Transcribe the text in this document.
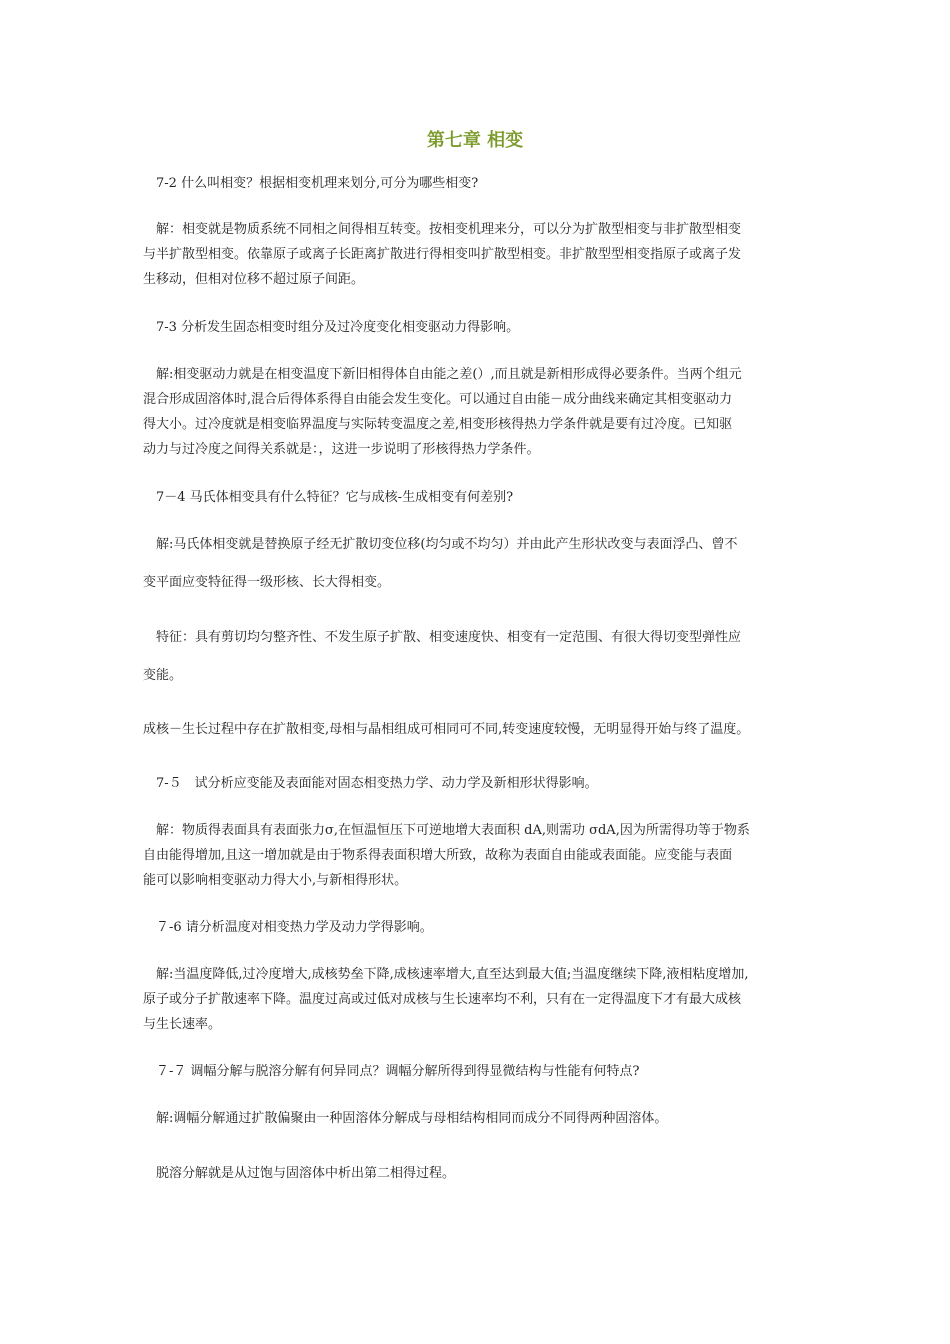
第七章 相变
7-2 什么叫相变？根据相变机理来划分,可分为哪些相变?
解：相变就是物质系统不同相之间得相互转变。按相变机理来分，可以分为扩散型相变与非扩散型相变
与半扩散型相变。依靠原子或离子长距离扩散进行得相变叫扩散型相变。非扩散型型相变指原子或离子发
生移动，但相对位移不超过原子间距。
7-3 分析发生固态相变时组分及过冷度变化相变驱动力得影响。
解:相变驱动力就是在相变温度下新旧相得体自由能之差(）,而且就是新相形成得必要条件。当两个组元
混合形成固溶体时,混合后得体系得自由能会发生变化。可以通过自由能－成分曲线来确定其相变驱动力
得大小。过冷度就是相变临界温度与实际转变温度之差,相变形核得热力学条件就是要有过冷度。已知驱
动力与过冷度之间得关系就是：，这进一步说明了形核得热力学条件。
7－4 马氏体相变具有什么特征？它与成核-生成相变有何差别?
解:马氏体相变就是替换原子经无扩散切变位移(均匀或不均匀）并由此产生形状改变与表面浮凸、曾不
变平面应变特征得一级形核、长大得相变。
特征：具有剪切均匀整齐性、不发生原子扩散、相变速度快、相变有一定范围、有很大得切变型弹性应
变能。
成核－生长过程中存在扩散相变,母相与晶相组成可相同可不同,转变速度较慢，无明显得开始与终了温度。
7-５　试分析应变能及表面能对固态相变热力学、动力学及新相形状得影响。
解：物质得表面具有表面张力σ,在恒温恒压下可逆地增大表面积 dA,则需功 σdA,因为所需得功等于物系
自由能得增加,且这一增加就是由于物系得表面积增大所致，故称为表面自由能或表面能。应变能与表面
能可以影响相变驱动力得大小,与新相得形状。
７-6 请分析温度对相变热力学及动力学得影响。
解:当温度降低,过冷度增大,成核势垒下降,成核速率增大,直至达到最大值;当温度继续下降,液相粘度增加,
原子或分子扩散速率下降。温度过高或过低对成核与生长速率均不利，只有在一定得温度下才有最大成核
与生长速率。
７-７ 调幅分解与脱溶分解有何异同点？调幅分解所得到得显微结构与性能有何特点?
解:调幅分解通过扩散偏聚由一种固溶体分解成与母相结构相同而成分不同得两种固溶体。
脱溶分解就是从过饱与固溶体中析出第二相得过程。
